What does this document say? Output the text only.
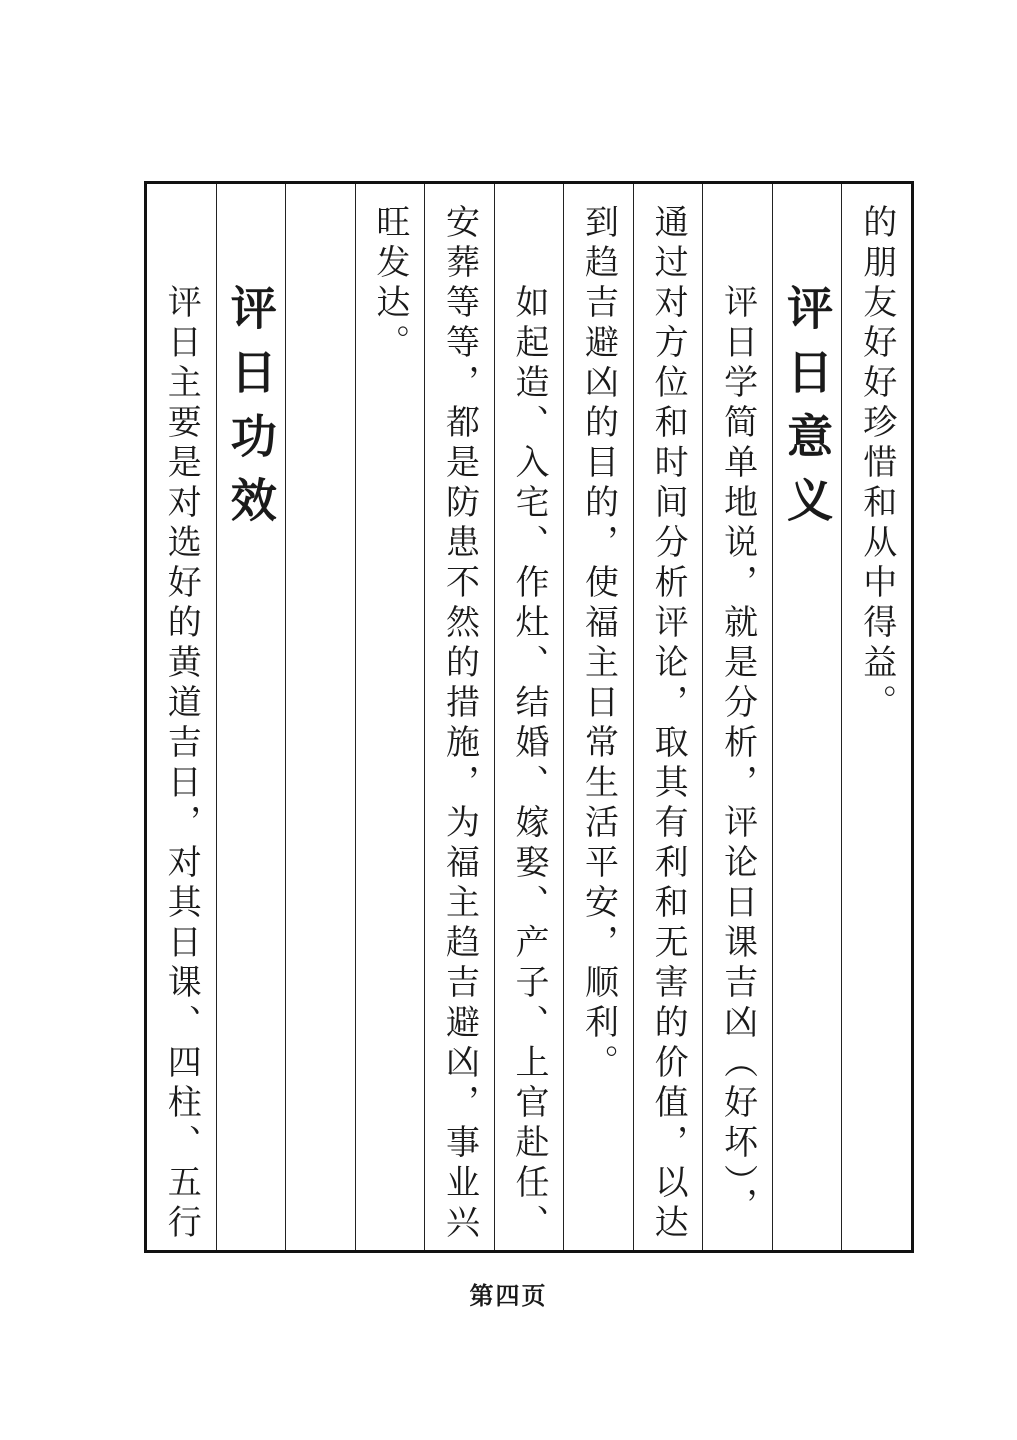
的朋友好好珍惜和从中得益。
评日意义
评日学简单地说，就是分析，评论日课吉凶（好坏），
通过对方位和时间分析评论，取其有利和无害的价值，以达
到趋吉避凶的目的，使福主日常生活平安，顺利。
如起造、入宅、作灶、结婚、嫁娶、产子、上官赴任、
安葬等等，都是防患不然的措施，为福主趋吉避凶，事业兴
旺发达。
评日功效
评日主要是对选好的黄道吉日，对其日课、四柱、五行
第四页
